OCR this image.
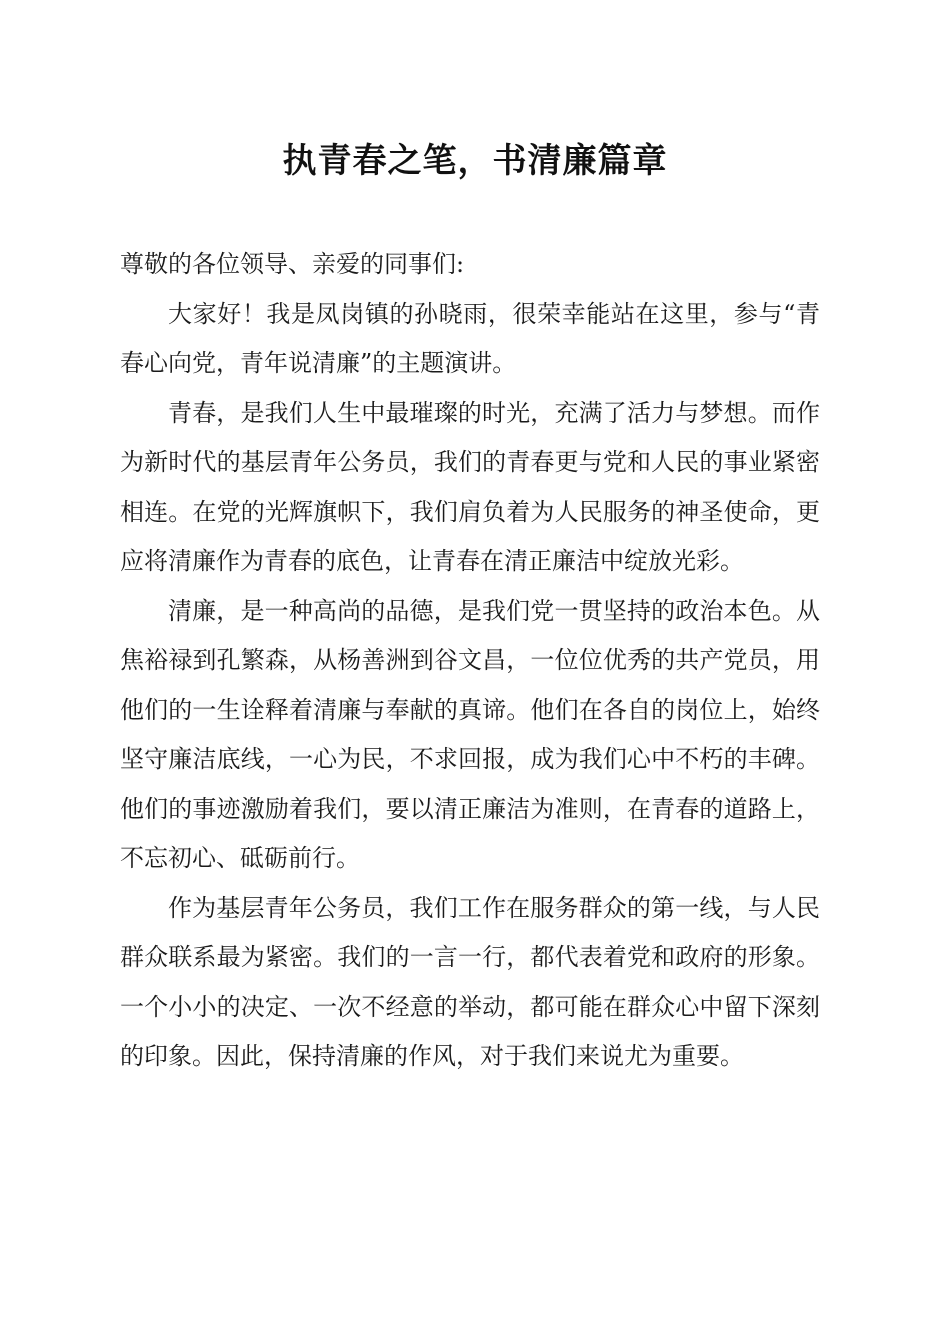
执青春之笔，书清廉篇章

尊敬的各位领导、亲爱的同事们:

大家好！我是凤岗镇的孙晓雨，很荣幸能站在这里，参与“青春心向党，青年说清廉”的主题演讲。

青春，是我们人生中最璀璨的时光，充满了活力与梦想。而作为新时代的基层青年公务员，我们的青春更与党和人民的事业紧密相连。在党的光辉旗帜下，我们肩负着为人民服务的神圣使命，更应将清廉作为青春的底色，让青春在清正廉洁中绽放光彩。

清廉，是一种高尚的品德，是我们党一贯坚持的政治本色。从焦裕禄到孔繁森，从杨善洲到谷文昌，一位位优秀的共产党员，用他们的一生诠释着清廉与奉献的真谛。他们在各自的岗位上，始终坚守廉洁底线，一心为民，不求回报，成为我们心中不朽的丰碑。他们的事迹激励着我们，要以清正廉洁为准则，在青春的道路上，不忘初心、砥砺前行。

作为基层青年公务员，我们工作在服务群众的第一线，与人民群众联系最为紧密。我们的一言一行，都代表着党和政府的形象。一个小小的决定、一次不经意的举动，都可能在群众心中留下深刻的印象。因此，保持清廉的作风，对于我们来说尤为重要。
